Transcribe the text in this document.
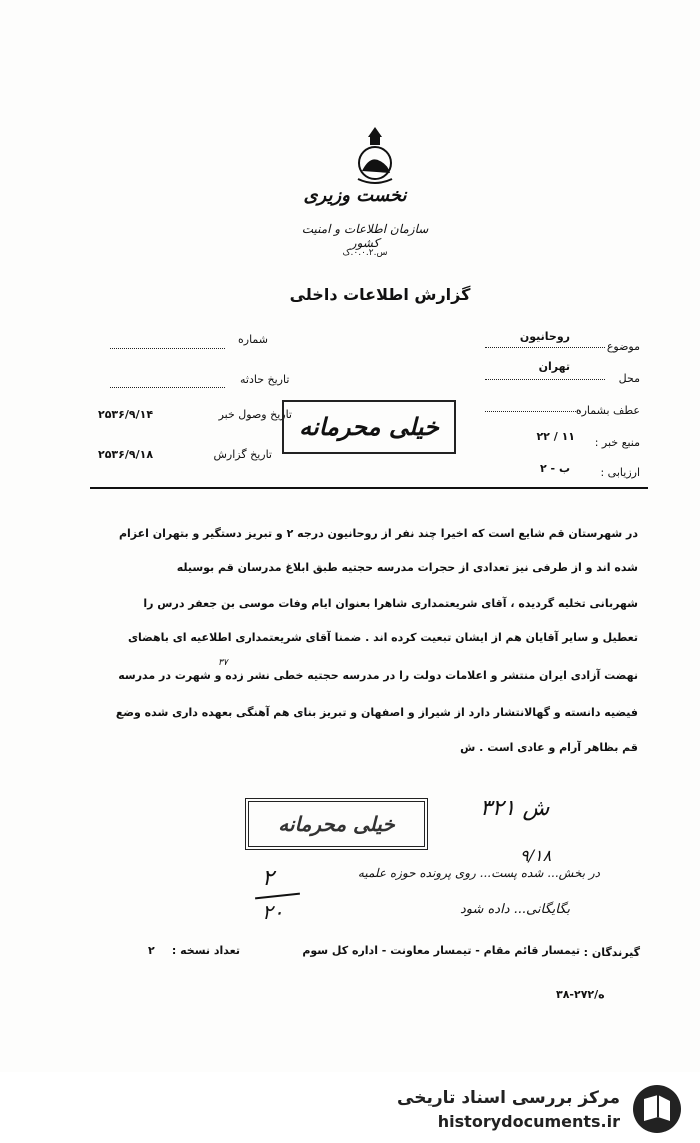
نخست وزیری
سازمان اطلاعات و امنیت کشور
س.۰.۰.۲.ک
گزارش اطلاعات داخلی
موضوع
روحانیون
محل
تهران
عطف بشماره
منبع خبر :
۱۱ / ۲۲
ارزیابی :
ب - ۲
شماره
تاریخ حادثه
تاریخ وصول خبر
۲۵۳۶/۹/۱۴
تاریخ گزارش
۲۵۳۶/۹/۱۸
خیلی محرمانه
در شهرستان قم شایع است که اخیرا چند نفر از روحانیون درجه ۲ و تبریز دستگیر و بتهران اعزام
شده اند و از طرفی نیز تعدادی از حجرات مدرسه حجتیه طبق ابلاغ مدرسان قم بوسیله
شهربانی تخلیه گردیده ، آقای شریعتمداری شاهرا بعنوان ایام وفات موسی بن جعفر درس را
تعطیل و سایر آقایان هم از ایشان تبعیت کرده اند . ضمنا آقای شریعتمداری اطلاعیه ای باهضای
نهضت آزادی ایران منتشر و اعلامات دولت را در مدرسه حجتیه خطی نشر زده و شهرت در مدرسه
فیضیه دانسته و گهالانتشار دارد از شیراز و اصفهان و تبریز بنای هم آهنگی بعهده داری شده وضع
قم بظاهر آرام و عادی است . ش
۳۷
خیلی محرمانه
ش ۳۲۱
۹/۱۸
در بخش... شده پست... روی پرونده حوزه علمیه
بگایگانی... داده شود
۲
۲۰
گیرندگان :
تیمسار قائم مقام - تیمسار معاونت - اداره کل سوم
تعداد نسخه :
۲
۳۸-۲۷۲/ه
مرکز بررسی اسناد تاریخی
historydocuments.ir
